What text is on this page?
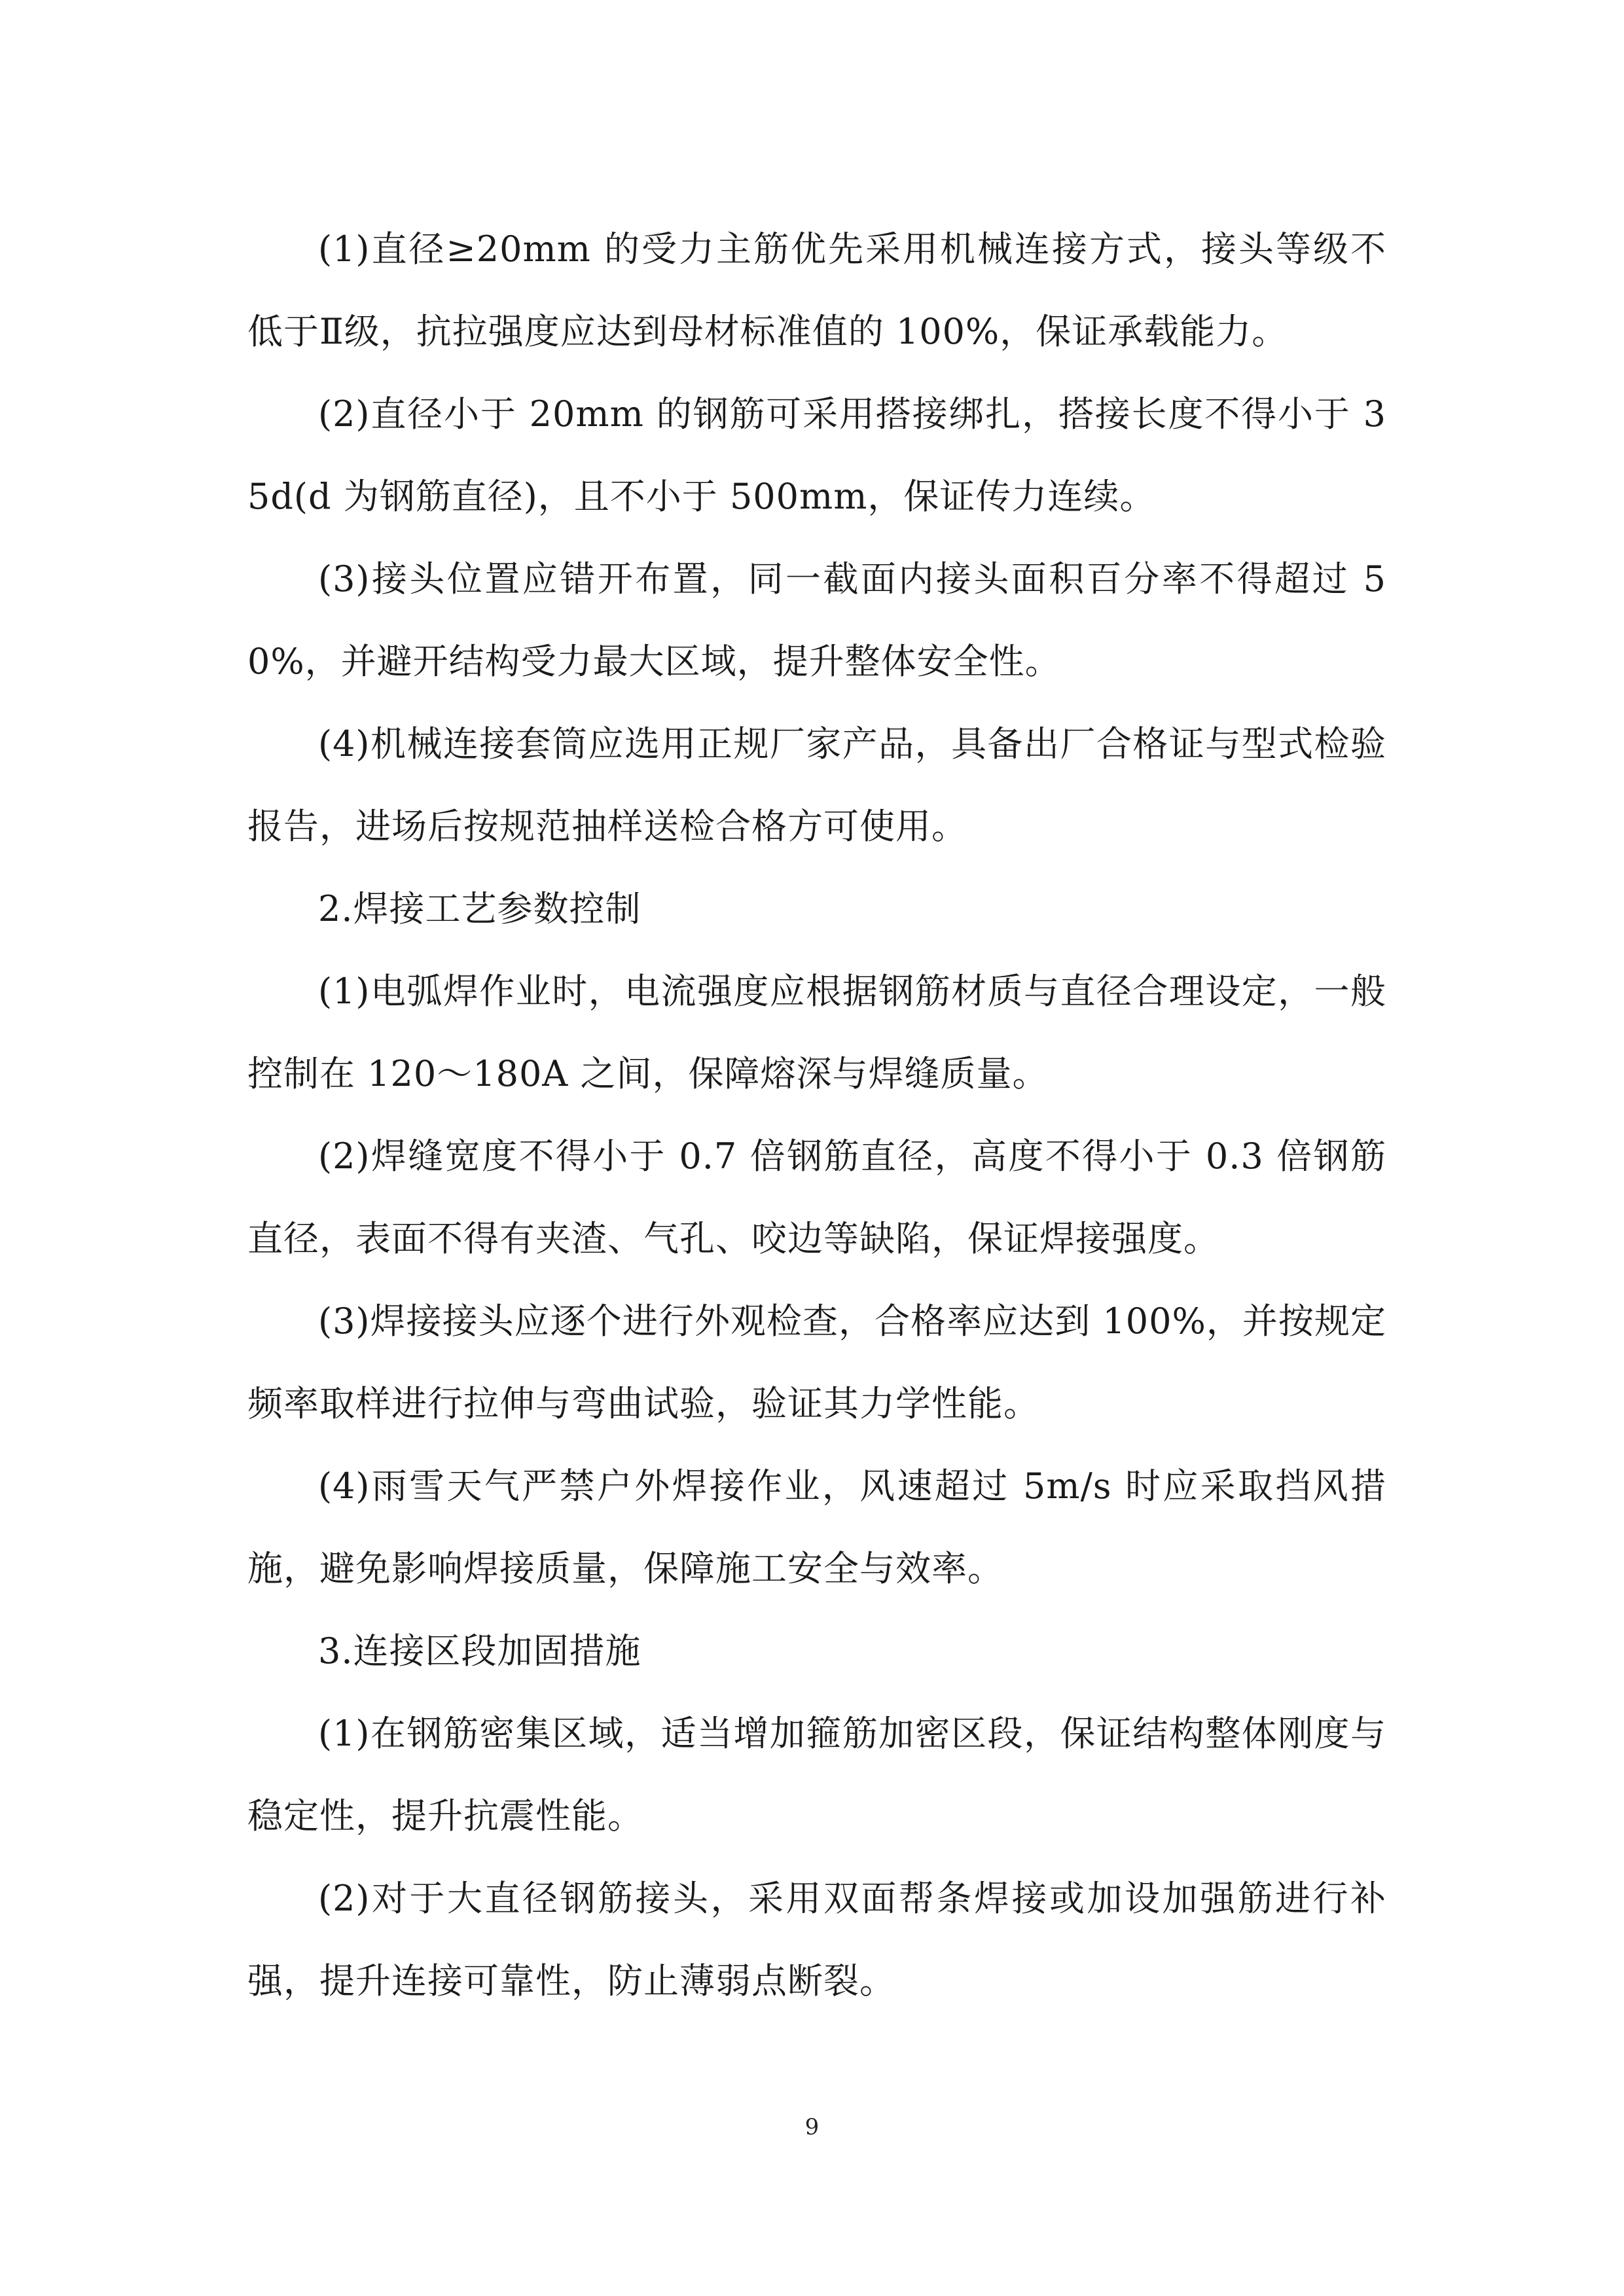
(1)直径≥20mm 的受力主筋优先采用机械连接方式，接头等级不低于Ⅱ级，抗拉强度应达到母材标准值的 100%，保证承载能力。

(2)直径小于 20mm 的钢筋可采用搭接绑扎，搭接长度不得小于 35d(d 为钢筋直径)，且不小于 500mm，保证传力连续。

(3)接头位置应错开布置，同一截面内接头面积百分率不得超过 50%，并避开结构受力最大区域，提升整体安全性。

(4)机械连接套筒应选用正规厂家产品，具备出厂合格证与型式检验报告，进场后按规范抽样送检合格方可使用。

2.焊接工艺参数控制

(1)电弧焊作业时，电流强度应根据钢筋材质与直径合理设定，一般控制在 120～180A 之间，保障熔深与焊缝质量。

(2)焊缝宽度不得小于 0.7 倍钢筋直径，高度不得小于 0.3 倍钢筋直径，表面不得有夹渣、气孔、咬边等缺陷，保证焊接强度。

(3)焊接接头应逐个进行外观检查，合格率应达到 100%，并按规定频率取样进行拉伸与弯曲试验，验证其力学性能。

(4)雨雪天气严禁户外焊接作业，风速超过 5m/s 时应采取挡风措施，避免影响焊接质量，保障施工安全与效率。

3.连接区段加固措施

(1)在钢筋密集区域，适当增加箍筋加密区段，保证结构整体刚度与稳定性，提升抗震性能。

(2)对于大直径钢筋接头，采用双面帮条焊接或加设加强筋进行补强，提升连接可靠性，防止薄弱点断裂。

9
